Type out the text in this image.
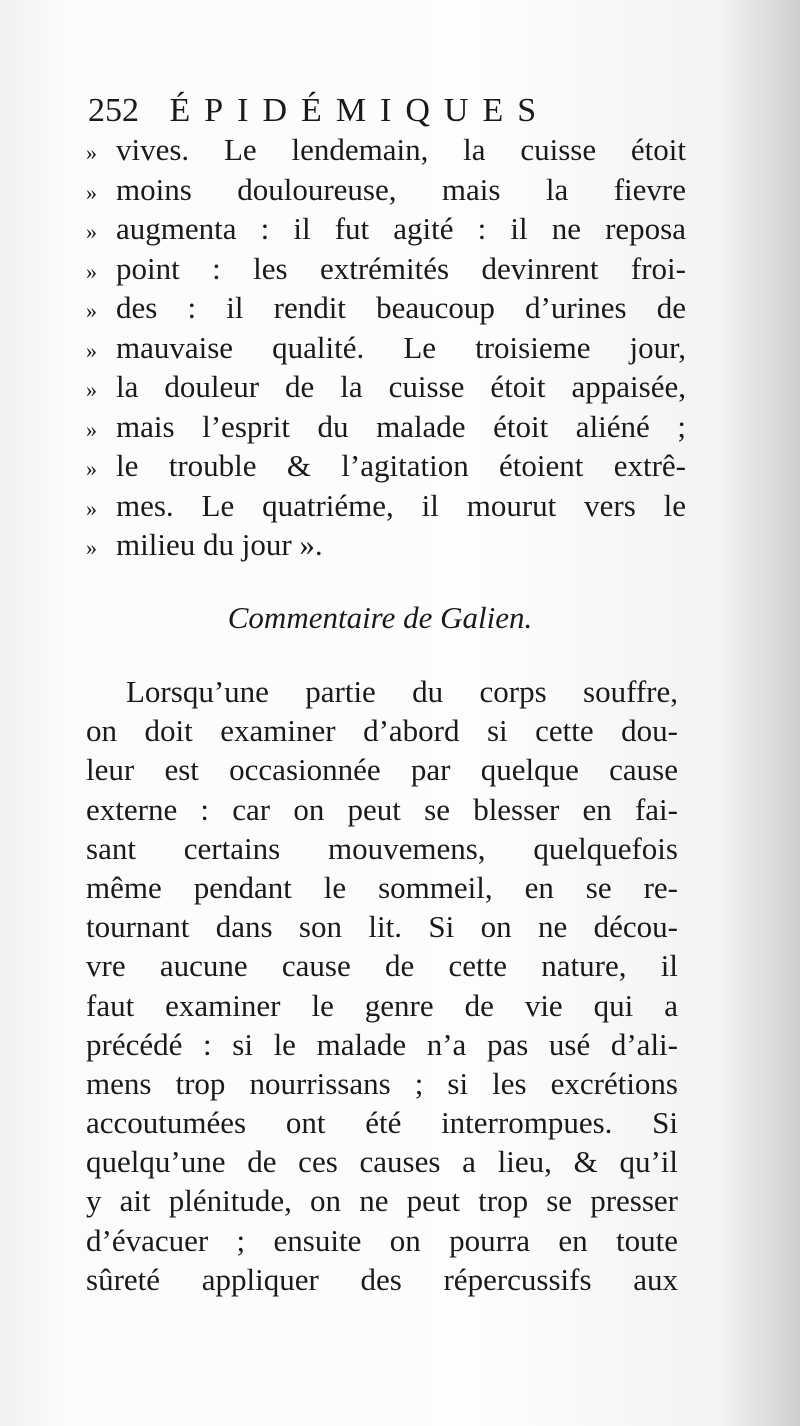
252 ÉPIDÉMIQUES
» vives. Le lendemain, la cuisse étoit
» moins douloureuse, mais la fievre
» augmenta : il fut agité : il ne reposa
» point : les extrémités devinrent froi-
» des : il rendit beaucoup d’urines de
» mauvaise qualité. Le troisieme jour,
» la douleur de la cuisse étoit appaisée,
» mais l’esprit du malade étoit aliéné ;
» le trouble & l’agitation étoient extrê-
» mes. Le quatriéme, il mourut vers le
» milieu du jour ».
Commentaire de Galien.
Lorsqu’une partie du corps souffre,
on doit examiner d’abord si cette dou-
leur est occasionnée par quelque cause
externe : car on peut se blesser en fai-
sant certains mouvemens, quelquefois
même pendant le sommeil, en se re-
tournant dans son lit. Si on ne décou-
vre aucune cause de cette nature, il
faut examiner le genre de vie qui a
précédé : si le malade n’a pas usé d’ali-
mens trop nourrissans ; si les excrétions
accoutumées ont été interrompues. Si
quelqu’une de ces causes a lieu, & qu’il
y ait plénitude, on ne peut trop se presser
d’évacuer ; ensuite on pourra en toute
sûreté appliquer des répercussifs aux
